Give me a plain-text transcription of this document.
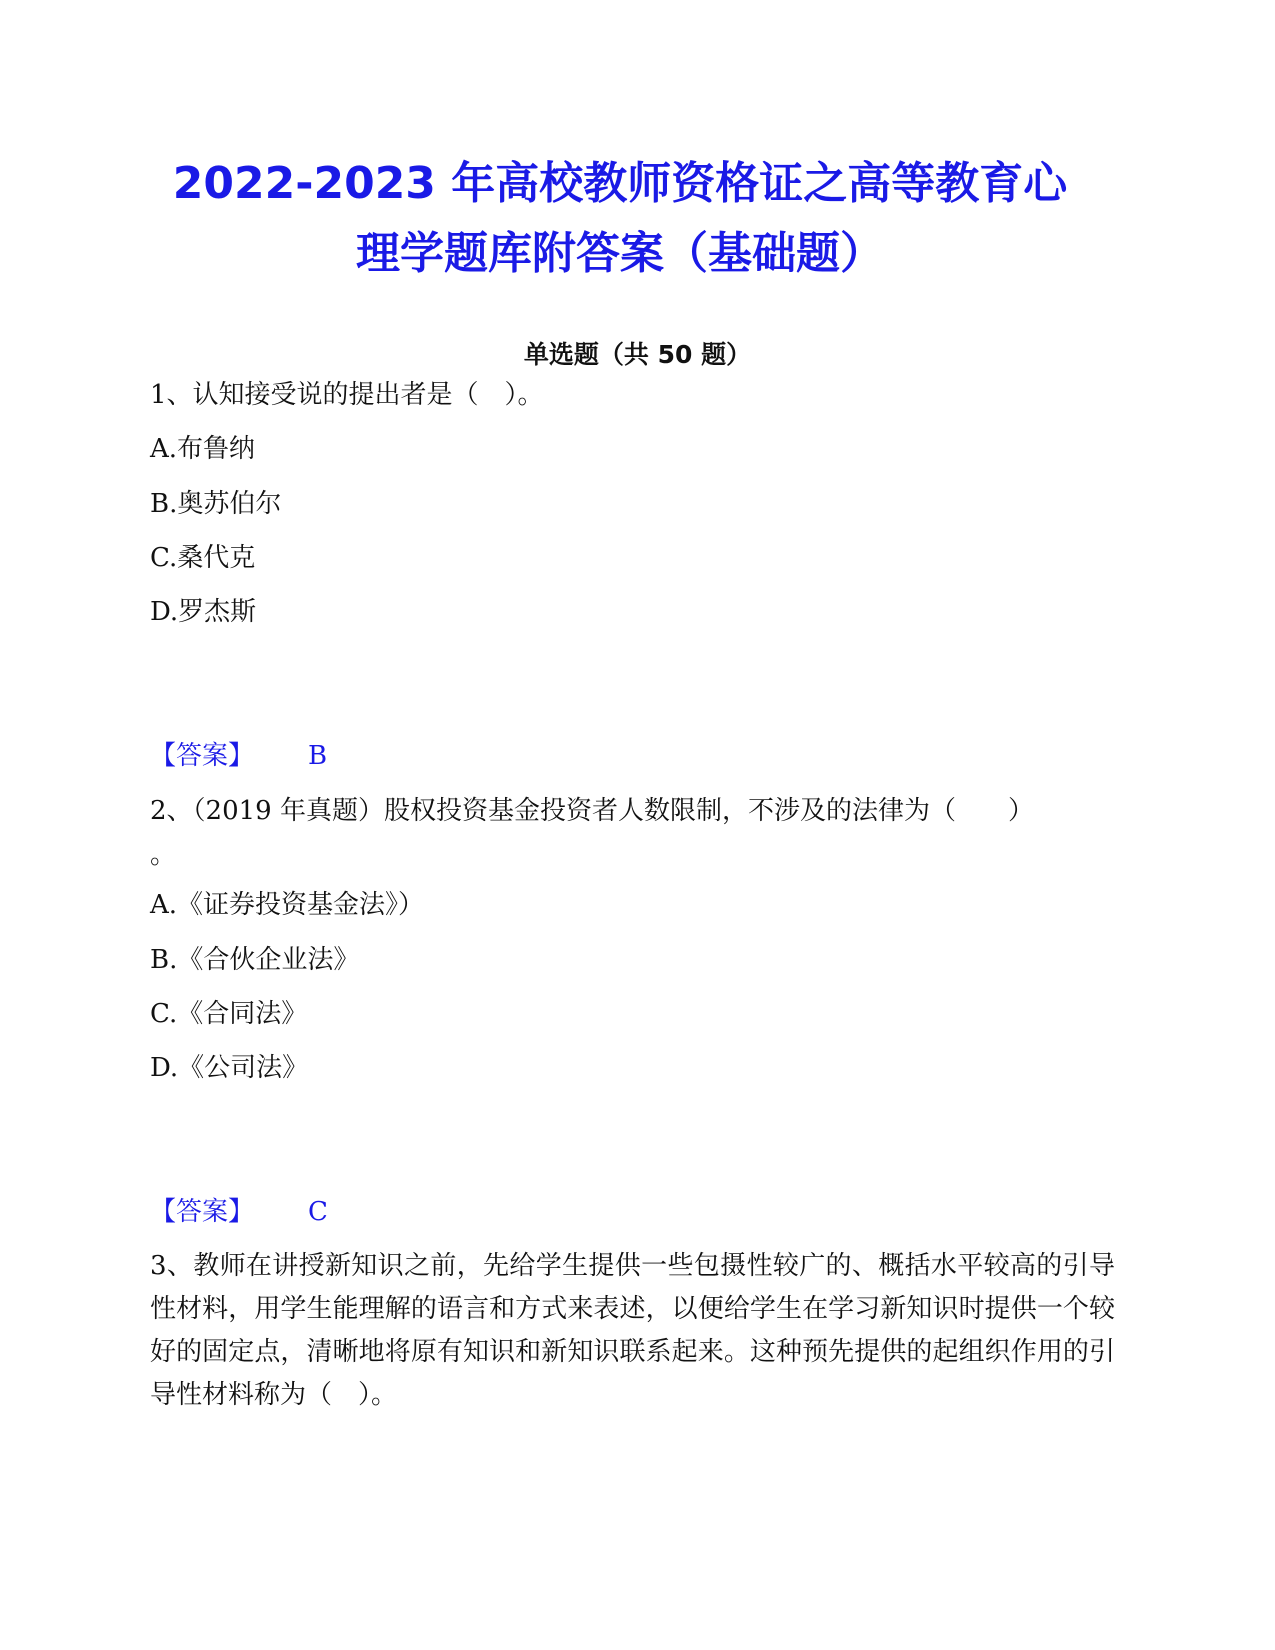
2022-2023 年高校教师资格证之高等教育心
理学题库附答案（基础题）
单选题（共 50 题）

1、认知接受说的提出者是（　）。

A.布鲁纳

B.奥苏伯尔

C.桑代克

D.罗杰斯

【答案】 B

2、（2019 年真题）股权投资基金投资者人数限制，不涉及的法律为（　　）

。

A.《证券投资基金法》）

B.《合伙企业法》

C.《合同法》

D.《公司法》

【答案】 C

3、教师在讲授新知识之前，先给学生提供一些包摄性较广的、概括水平较高的引导性材料，用学生能理解的语言和方式来表述，以便给学生在学习新知识时提供一个较好的固定点，清晰地将原有知识和新知识联系起来。这种预先提供的起组织作用的引导性材料称为（　）。
